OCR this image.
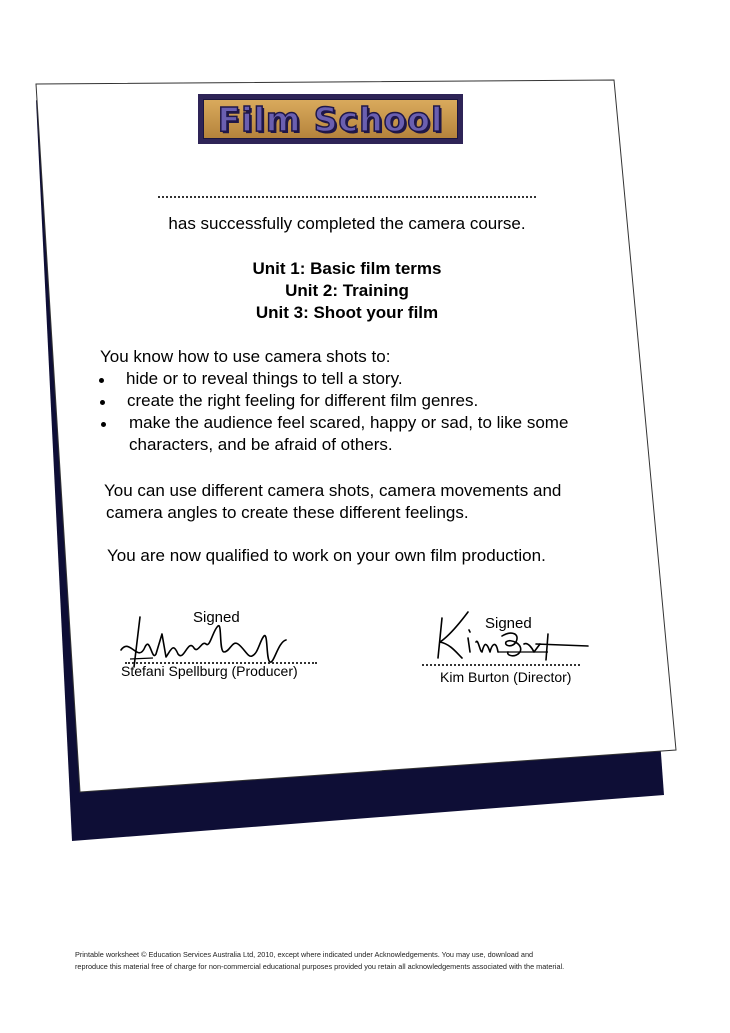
Film School
has successfully completed the camera course.
Unit 1: Basic film terms
Unit 2: Training
Unit 3: Shoot your film
You know how to use camera shots to:
hide or to reveal things to tell a story.
create the right feeling for different film genres.
make the audience feel scared, happy or sad, to like some
characters, and be afraid of others.
You can use different camera shots, camera movements and
camera angles to create these different feelings.
You are now qualified to work on your own film production.
Signed
Stefani Spellburg (Producer)
Signed
Kim Burton (Director)
Printable worksheet © Education Services Australia Ltd, 2010, except where indicated under Acknowledgements. You may use, download and
reproduce this material free of charge for non-commercial educational purposes provided you retain all acknowledgements associated with the material.
